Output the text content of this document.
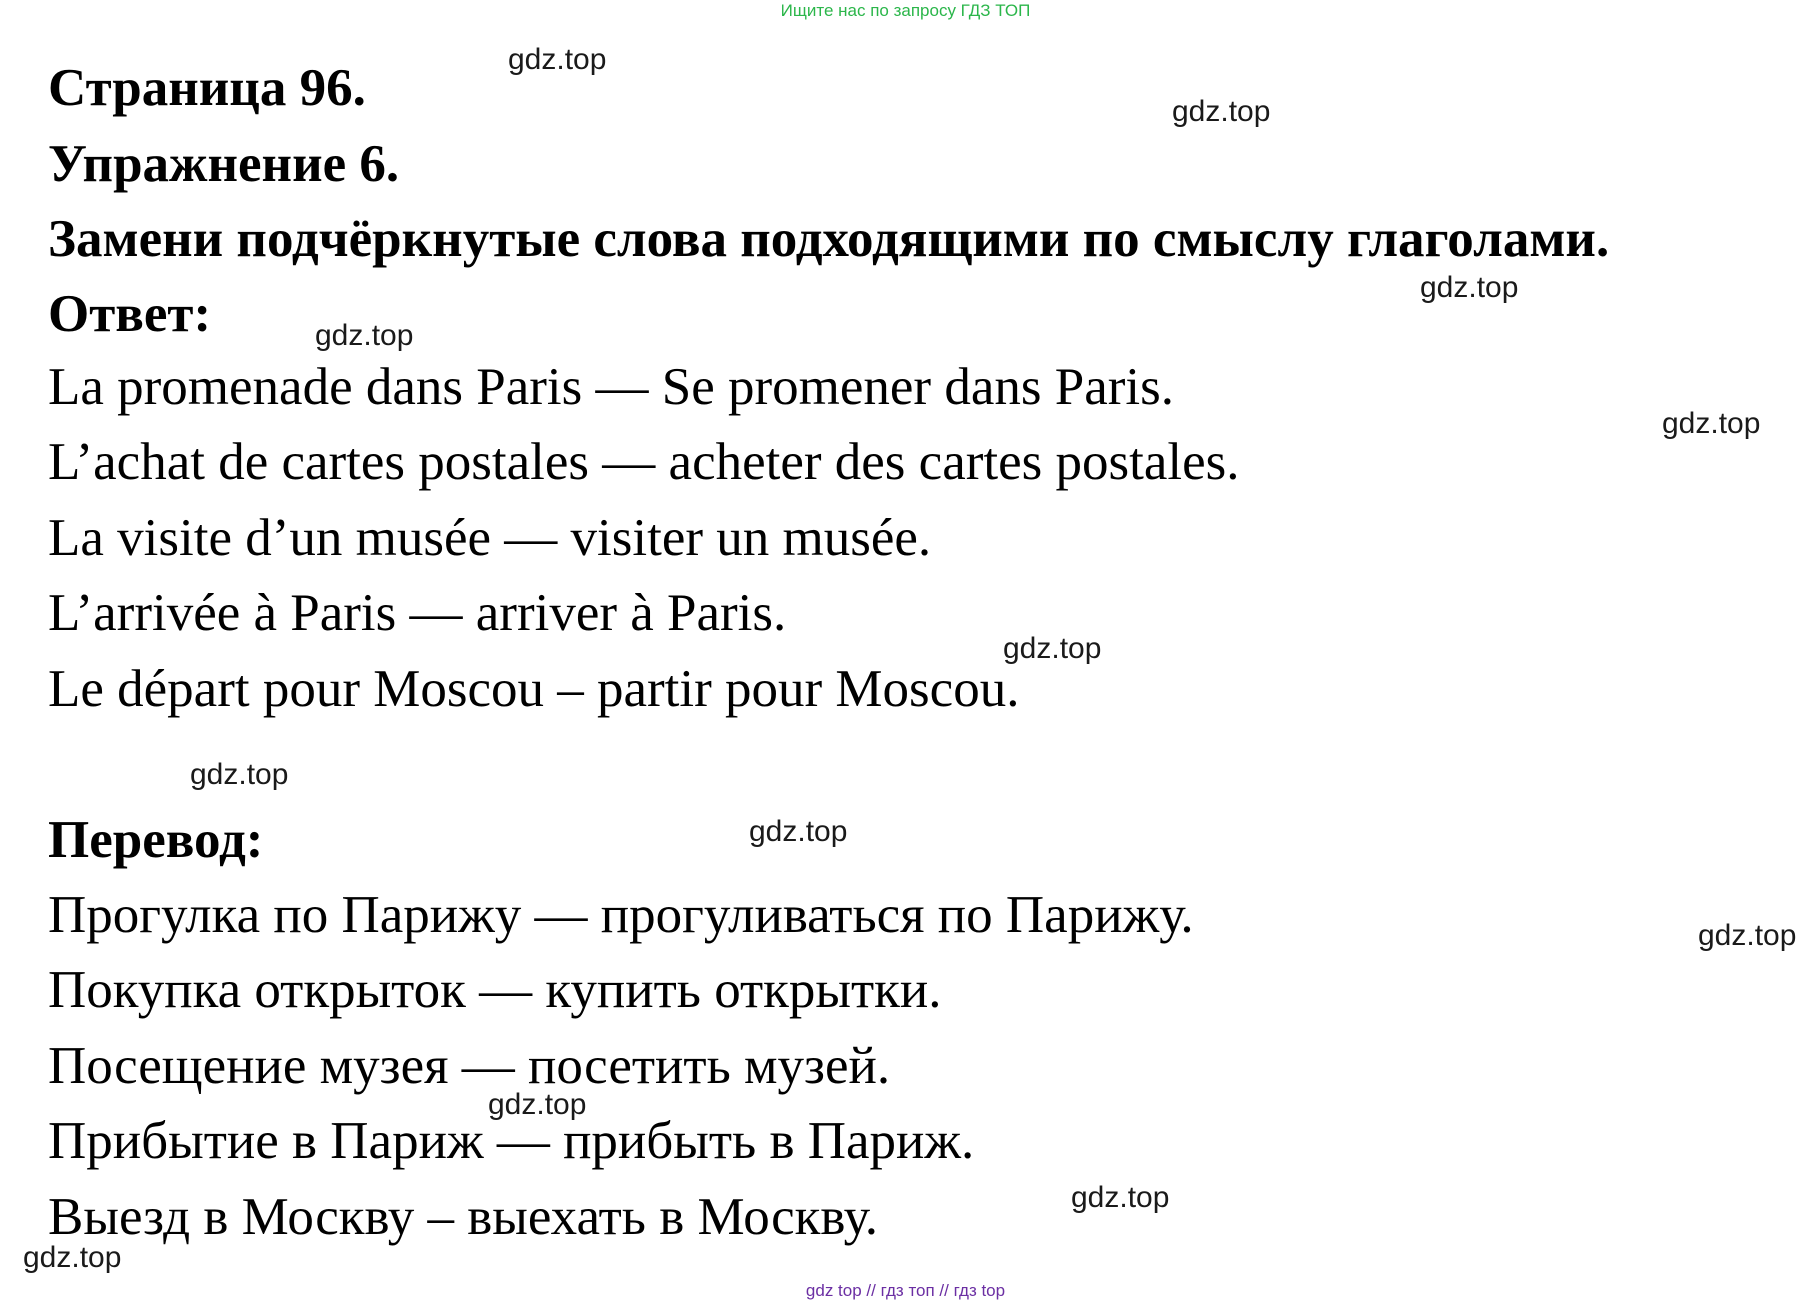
Ищите нас по запросу ГДЗ ТОП
Страница 96.
Упражнение 6.
Замени подчёркнутые слова подходящими по смыслу глаголами.
Ответ:
La promenade dans Paris — Se promener dans Paris.
L’achat de cartes postales — acheter des cartes postales.
La visite d’un musée — visiter un musée.
L’arrivée à Paris — arriver à Paris.
Le départ pour Moscou – partir pour Moscou.
Перевод:
Прогулка по Парижу — прогуливаться по Парижу.
Покупка открыток — купить открытки.
Посещение музея — посетить музей.
Прибытие в Париж — прибыть в Париж.
Выезд в Москву – выехать в Москву.
gdz.top
gdz.top
gdz.top
gdz.top
gdz.top
gdz.top
gdz.top
gdz.top
gdz.top
gdz.top
gdz.top
gdz.top
gdz top // гдз топ // гдз top
